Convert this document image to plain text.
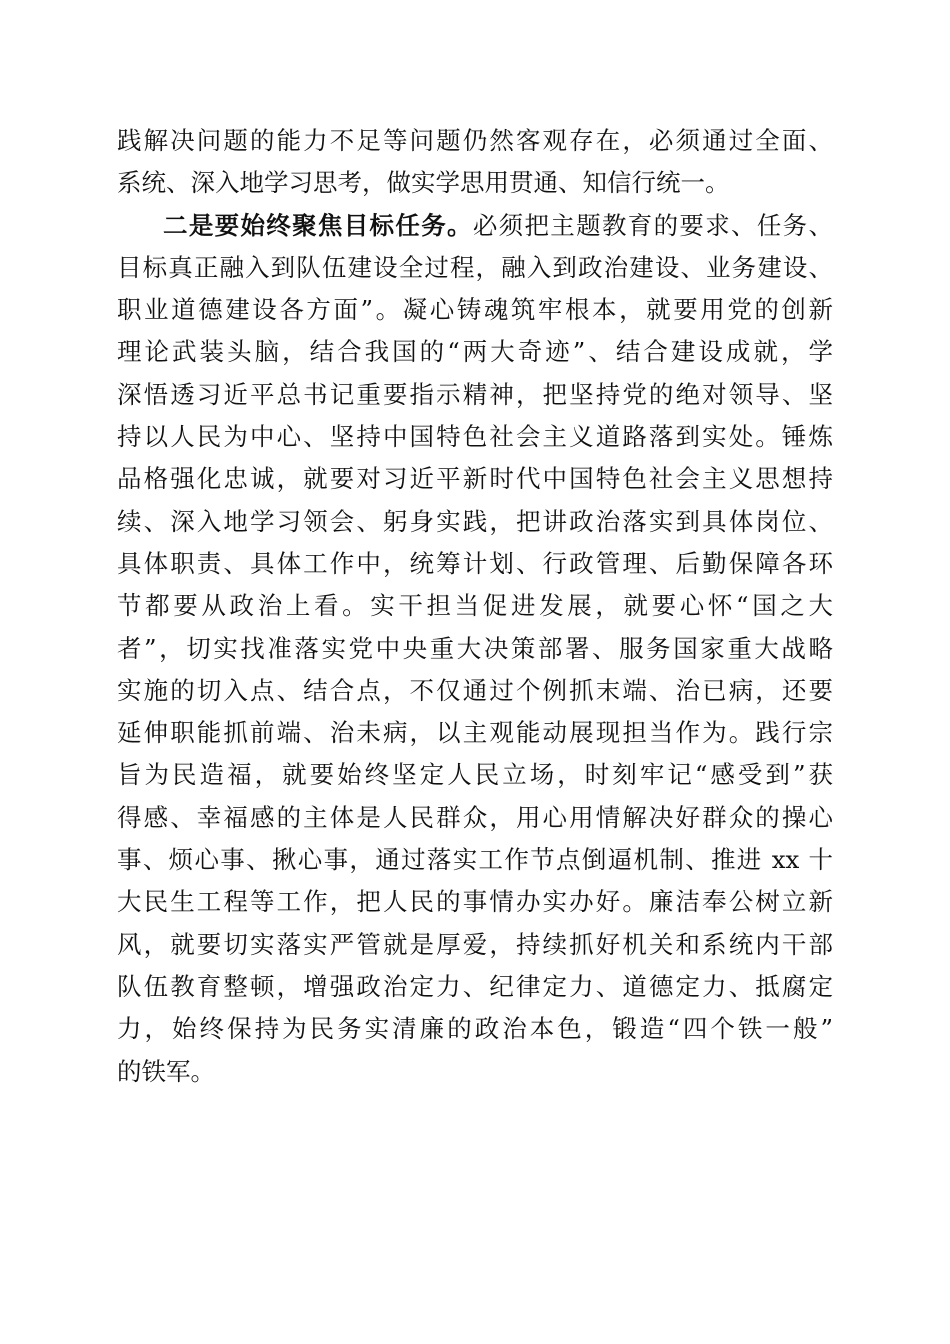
践解决问题的能力不足等问题仍然客观存在，必须通过全面、
系统、深入地学习思考，做实学思用贯通、知信行统一。
二是要始终聚焦目标任务。必须把主题教育的要求、任务、
目标真正融入到队伍建设全过程，融入到政治建设、业务建设、
职业道德建设各方面”。凝心铸魂筑牢根本，就要用党的创新
理论武装头脑，结合我国的“两大奇迹”、结合建设成就，学
深悟透习近平总书记重要指示精神，把坚持党的绝对领导、坚
持以人民为中心、坚持中国特色社会主义道路落到实处。锤炼
品格强化忠诚，就要对习近平新时代中国特色社会主义思想持
续、深入地学习领会、躬身实践，把讲政治落实到具体岗位、
具体职责、具体工作中，统筹计划、行政管理、后勤保障各环
节都要从政治上看。实干担当促进发展，就要心怀“国之大
者”，切实找准落实党中央重大决策部署、服务国家重大战略
实施的切入点、结合点，不仅通过个例抓末端、治已病，还要
延伸职能抓前端、治未病，以主观能动展现担当作为。践行宗
旨为民造福，就要始终坚定人民立场，时刻牢记“感受到”获
得感、幸福感的主体是人民群众，用心用情解决好群众的操心
事、烦心事、揪心事，通过落实工作节点倒逼机制、推进 xx 十
大民生工程等工作，把人民的事情办实办好。廉洁奉公树立新
风，就要切实落实严管就是厚爱，持续抓好机关和系统内干部
队伍教育整顿，增强政治定力、纪律定力、道德定力、抵腐定
力，始终保持为民务实清廉的政治本色，锻造“四个铁一般”
的铁军。
